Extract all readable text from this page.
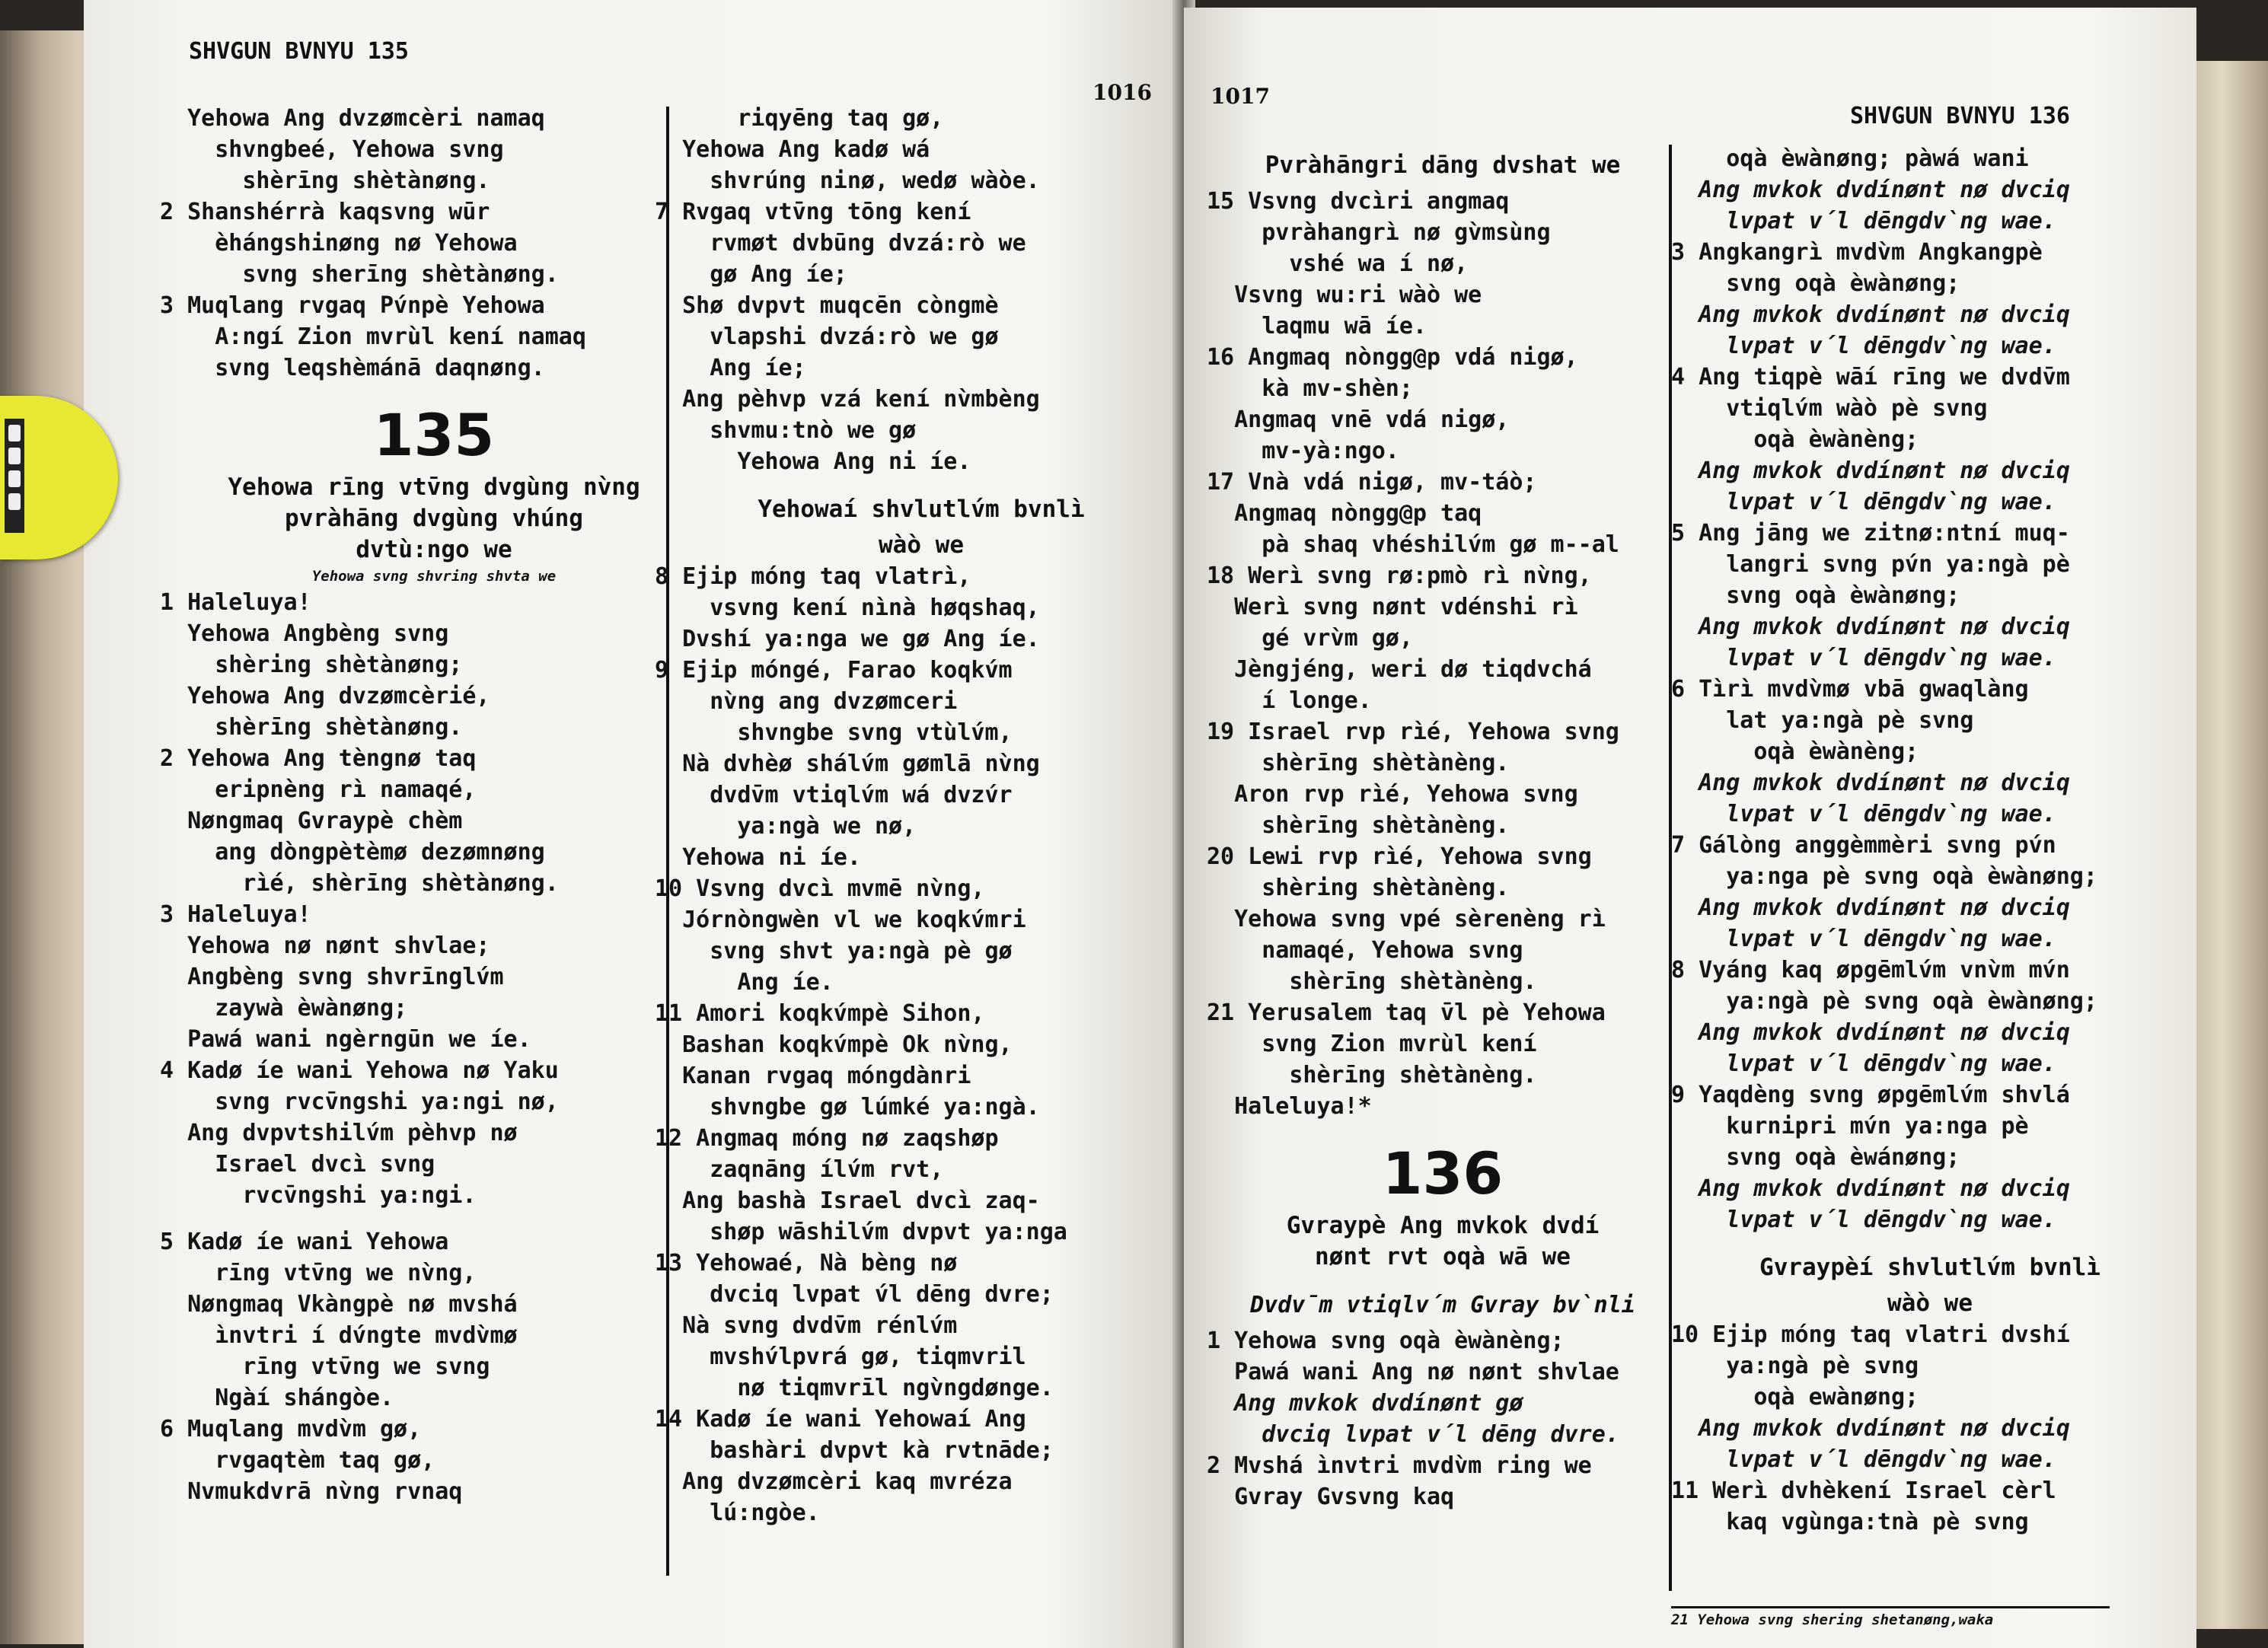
SHVGUN BVNYU 135
1016
Yehowa Ang dvzømcèri namaq
shvngbeé, Yehowa svng
shèrīng shètànøng.
2 Shanshérrà kaqsvng wūr
èhángshinøng nø Yehowa
svng sherīng shètànøng.
3 Muqlang rvgaq Pv́npè Yehowa
A:ngí Zion mvrùl kení namaq
svng leqshèmánā daqnøng.
135
Yehowa rīng vtv̄ng dvgùng nv̀ng
pvràhāng dvgùng vhúng
dvtù:ngo we
Yehowa svng shvring shvta we
1 Haleluya!
Yehowa Angbèng svng
shèring shètànøng;
Yehowa Ang dvzømcèrié,
shèrīng shètànøng.
2 Yehowa Ang tèngnø taq
eripnèng rì namaqé,
Nøngmaq Gvraypè chèm
ang dòngpètèmø dezømnøng
rìé, shèrīng shètànøng.
3 Haleluya!
Yehowa nø nønt shvlae;
Angbèng svng shvrīnglv́m
zaywà èwànøng;
Pawá wani ngèrngūn we íe.
4 Kadø íe wani Yehowa nø Yaku
svng rvcv̄ngshi ya:ngi nø,
Ang dvpvtshilv́m pèhvp nø
Israel dvcì svng
rvcv̄ngshi ya:ngi.
5 Kadø íe wani Yehowa
rīng vtv̄ng we nv̀ng,
Nøngmaq Vkàngpè nø mvshá
ìnvtri í dv́ngte mvdv̀mø
rīng vtv̄ng we svng
Ngàí shángòe.
6 Muqlang mvdv̀m gø,
rvgaqtèm taq gø,
Nvmukdvrā nv̀ng rvnaq
riqyēng taq gø,
Yehowa Ang kadø wá
shvrúng ninø, wedø wàòe.
7 Rvgaq vtv̄ng tōng kení
rvmøt dvbūng dvzá:rò we
gø Ang íe;
Shø dvpvt muqcēn còngmè
vlapshi dvzá:rò we gø
Ang íe;
Ang pèhvp vzá kení nv̀mbèng
shvmu:tnò we gø
Yehowa Ang ni íe.
Yehowaí shvlutlv́m bvnlì
wàò we
8 Ejip móng taq vlatrì,
vsvng kení nìnà høqshaq,
Dvshí ya:nga we gø Ang íe.
9 Ejip móngé, Farao koqkv́m
nv̀ng ang dvzømceri
shvngbe svng vtùlv́m,
Nà dvhèø shálv́m gømlā nv̀ng
dvdv̄m vtiqlv́m wá dvzv́r
ya:ngà we nø,
Yehowa ni íe.
10 Vsvng dvcì mvmē nv̀ng,
Jórnòngwèn vl we koqkv́mri
svng shvt ya:ngà pè gø
Ang íe.
11 Amori koqkv́mpè Sihon,
Bashan koqkv́mpè Ok nv̀ng,
Kanan rvgaq móngdànri
shvngbe gø lúmké ya:ngà.
12 Angmaq móng nø zaqshøp
zaqnāng ílv́m rvt,
Ang bashà Israel dvcì zaq-
shøp wāshilv́m dvpvt ya:nga
13 Yehowaé, Nà bèng nø
dvciq lvpat v́l dēng dvre;
Nà svng dvdv̄m rénlv́m
mvshv́lpvrá gø, tiqmvril
nø tiqmvrīl ngv̀ngdønge.
14 Kadø íe wani Yehowaí Ang
bashàri dvpvt kà rvtnāde;
Ang dvzømcèri kaq mvréza
lú:ngòe.
1017
SHVGUN BVNYU 136
Pvràhāngri dāng dvshat we
15 Vsvng dvcìri angmaq
pvràhangrì nø gv̀msùng
vshé wa í nø,
Vsvng wu:ri wàò we
laqmu wā íe.
16 Angmaq nòngg@p vdá nigø,
kà mv-shèn;
Angmaq vnē vdá nigø,
mv-yà:ngo.
17 Vnà vdá nigø, mv-táò;
Angmaq nòngg@p taq
pà shaq vhéshilv́m gø m--al
18 Werì svng rø:pmò rì nv̀ng,
Werì svng nønt vdénshi rì
gé vrv̀m gø,
Jèngjéng, weri dø tiqdvchá
í longe.
19 Israel rvp rìé, Yehowa svng
shèrīng shètànèng.
Aron rvp rìé, Yehowa svng
shèrīng shètànèng.
20 Lewi rvp rìé, Yehowa svng
shèring shètànèng.
Yehowa svng vpé sèrenèng rì
namaqé, Yehowa svng
shèrīng shètànèng.
21 Yerusalem taq v̄l pè Yehowa
svng Zion mvrùl kení
shèrīng shètànèng.
Haleluya!*
136
Gvraypè Ang mvkok dvdí
nønt rvt oqà wā we
Dvdv̄m vtiqlv́m Gvray bv̀nli
1 Yehowa svng oqà èwànèng;
Pawá wani Ang nø nønt shvlae
Ang mvkok dvdínønt gø
dvciq lvpat v́l dēng dvre.
2 Mvshá ìnvtri mvdv̀m ring we
Gvray Gvsvng kaq
oqà èwànøng; pàwá wani
Ang mvkok dvdínønt nø dvciq
lvpat v́l dēngdv̀ng wae.
3 Angkangrì mvdv̀m Angkangpè
svng oqà èwànøng;
Ang mvkok dvdínønt nø dvciq
lvpat v́l dēngdv̀ng wae.
4 Ang tiqpè wāí rīng we dvdv̄m
vtiqlv́m wàò pè svng
oqà èwànèng;
Ang mvkok dvdínønt nø dvciq
lvpat v́l dēngdv̀ng wae.
5 Ang jāng we zitnø:ntní muq-
langri svng pv́n ya:ngà pè
svng oqà èwànøng;
Ang mvkok dvdínønt nø dvciq
lvpat v́l dēngdv̀ng wae.
6 Tìrì mvdv̀mø vbā gwaqlàng
lat ya:ngà pè svng
oqà èwànèng;
Ang mvkok dvdínønt nø dvciq
lvpat v́l dēngdv̀ng wae.
7 Gálòng anggèmmèri svng pv́n
ya:nga pè svng oqà èwànøng;
Ang mvkok dvdínønt nø dvciq
lvpat v́l dēngdv̀ng wae.
8 Vyáng kaq øpgēmlv́m vnv̀m mv́n
ya:ngà pè svng oqà èwànøng;
Ang mvkok dvdínønt nø dvciq
lvpat v́l dēngdv̀ng wae.
9 Yaqdèng svng øpgēmlv́m shvlá
kurnipri mv́n ya:nga pè
svng oqà èwánøng;
Ang mvkok dvdínønt nø dvciq
lvpat v́l dēngdv̀ng wae.
Gvraypèí shvlutlv́m bvnlì
wàò we
10 Ejip móng taq vlatri dvshí
ya:ngà pè svng
oqà ewànøng;
Ang mvkok dvdínønt nø dvciq
lvpat v́l dēngdv̀ng wae.
11 Werì dvhèkení Israel cèrl
kaq vgùnga:tnà pè svng
21 Yehowa svng shering shetanøng,waka
